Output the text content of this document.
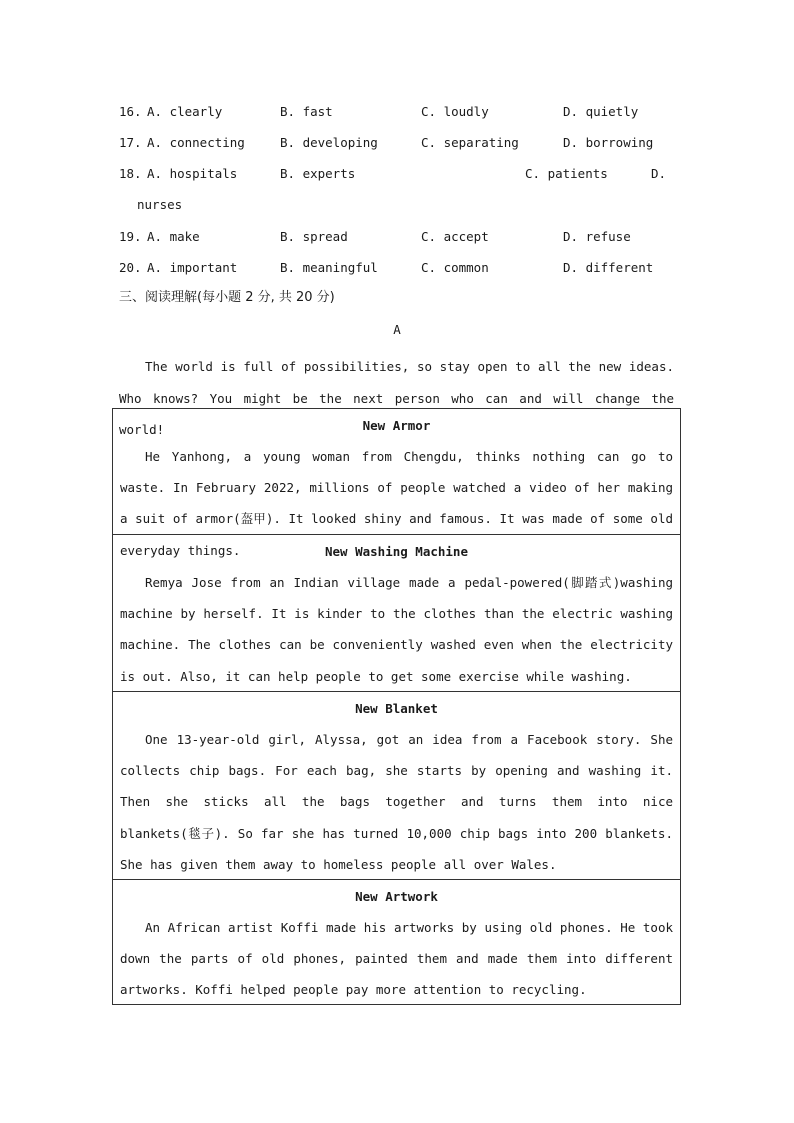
16. A. clearly	B. fast	C. loudly	D. quietly
17. A. connecting	B. developing	C. separating	D. borrowing
18. A. hospitals	B. experts	C. patients	D.
nurses
19. A. make	B. spread	C. accept	D. refuse
20. A. important	B. meaningful	C. common	D. different
三、阅读理解(每小题 2 分, 共 20 分)
A

The world is full of possibilities, so stay open to all the new ideas. Who knows? You might be the next person who can and will change the world!	New Armor

He Yanhong, a young woman from Chengdu, thinks nothing can go to waste. In February 2022, millions of people watched a video of her making a suit of armor(盔甲). It looked shiny and famous. It was made of some old everyday things.	New Washing Machine

Remya Jose from an Indian village made a pedal-powered(脚踏式)washing machine by herself. It is kinder to the clothes than the electric washing machine. The clothes can be conveniently washed even when the electricity is out. Also, it can help people to get some exercise while washing.

New Blanket

One 13-year-old girl, Alyssa, got an idea from a Facebook story. She collects chip bags. For each bag, she starts by opening and washing it. Then she sticks all the bags together and turns them into nice blankets(毯子). So far she has turned 10,000 chip bags into 200 blankets. She has given them away to homeless people all over Wales.

New Artwork

An African artist Koffi made his artworks by using old phones. He took down the parts of old phones, painted them and made them into different artworks. Koffi helped people pay more attention to recycling.
